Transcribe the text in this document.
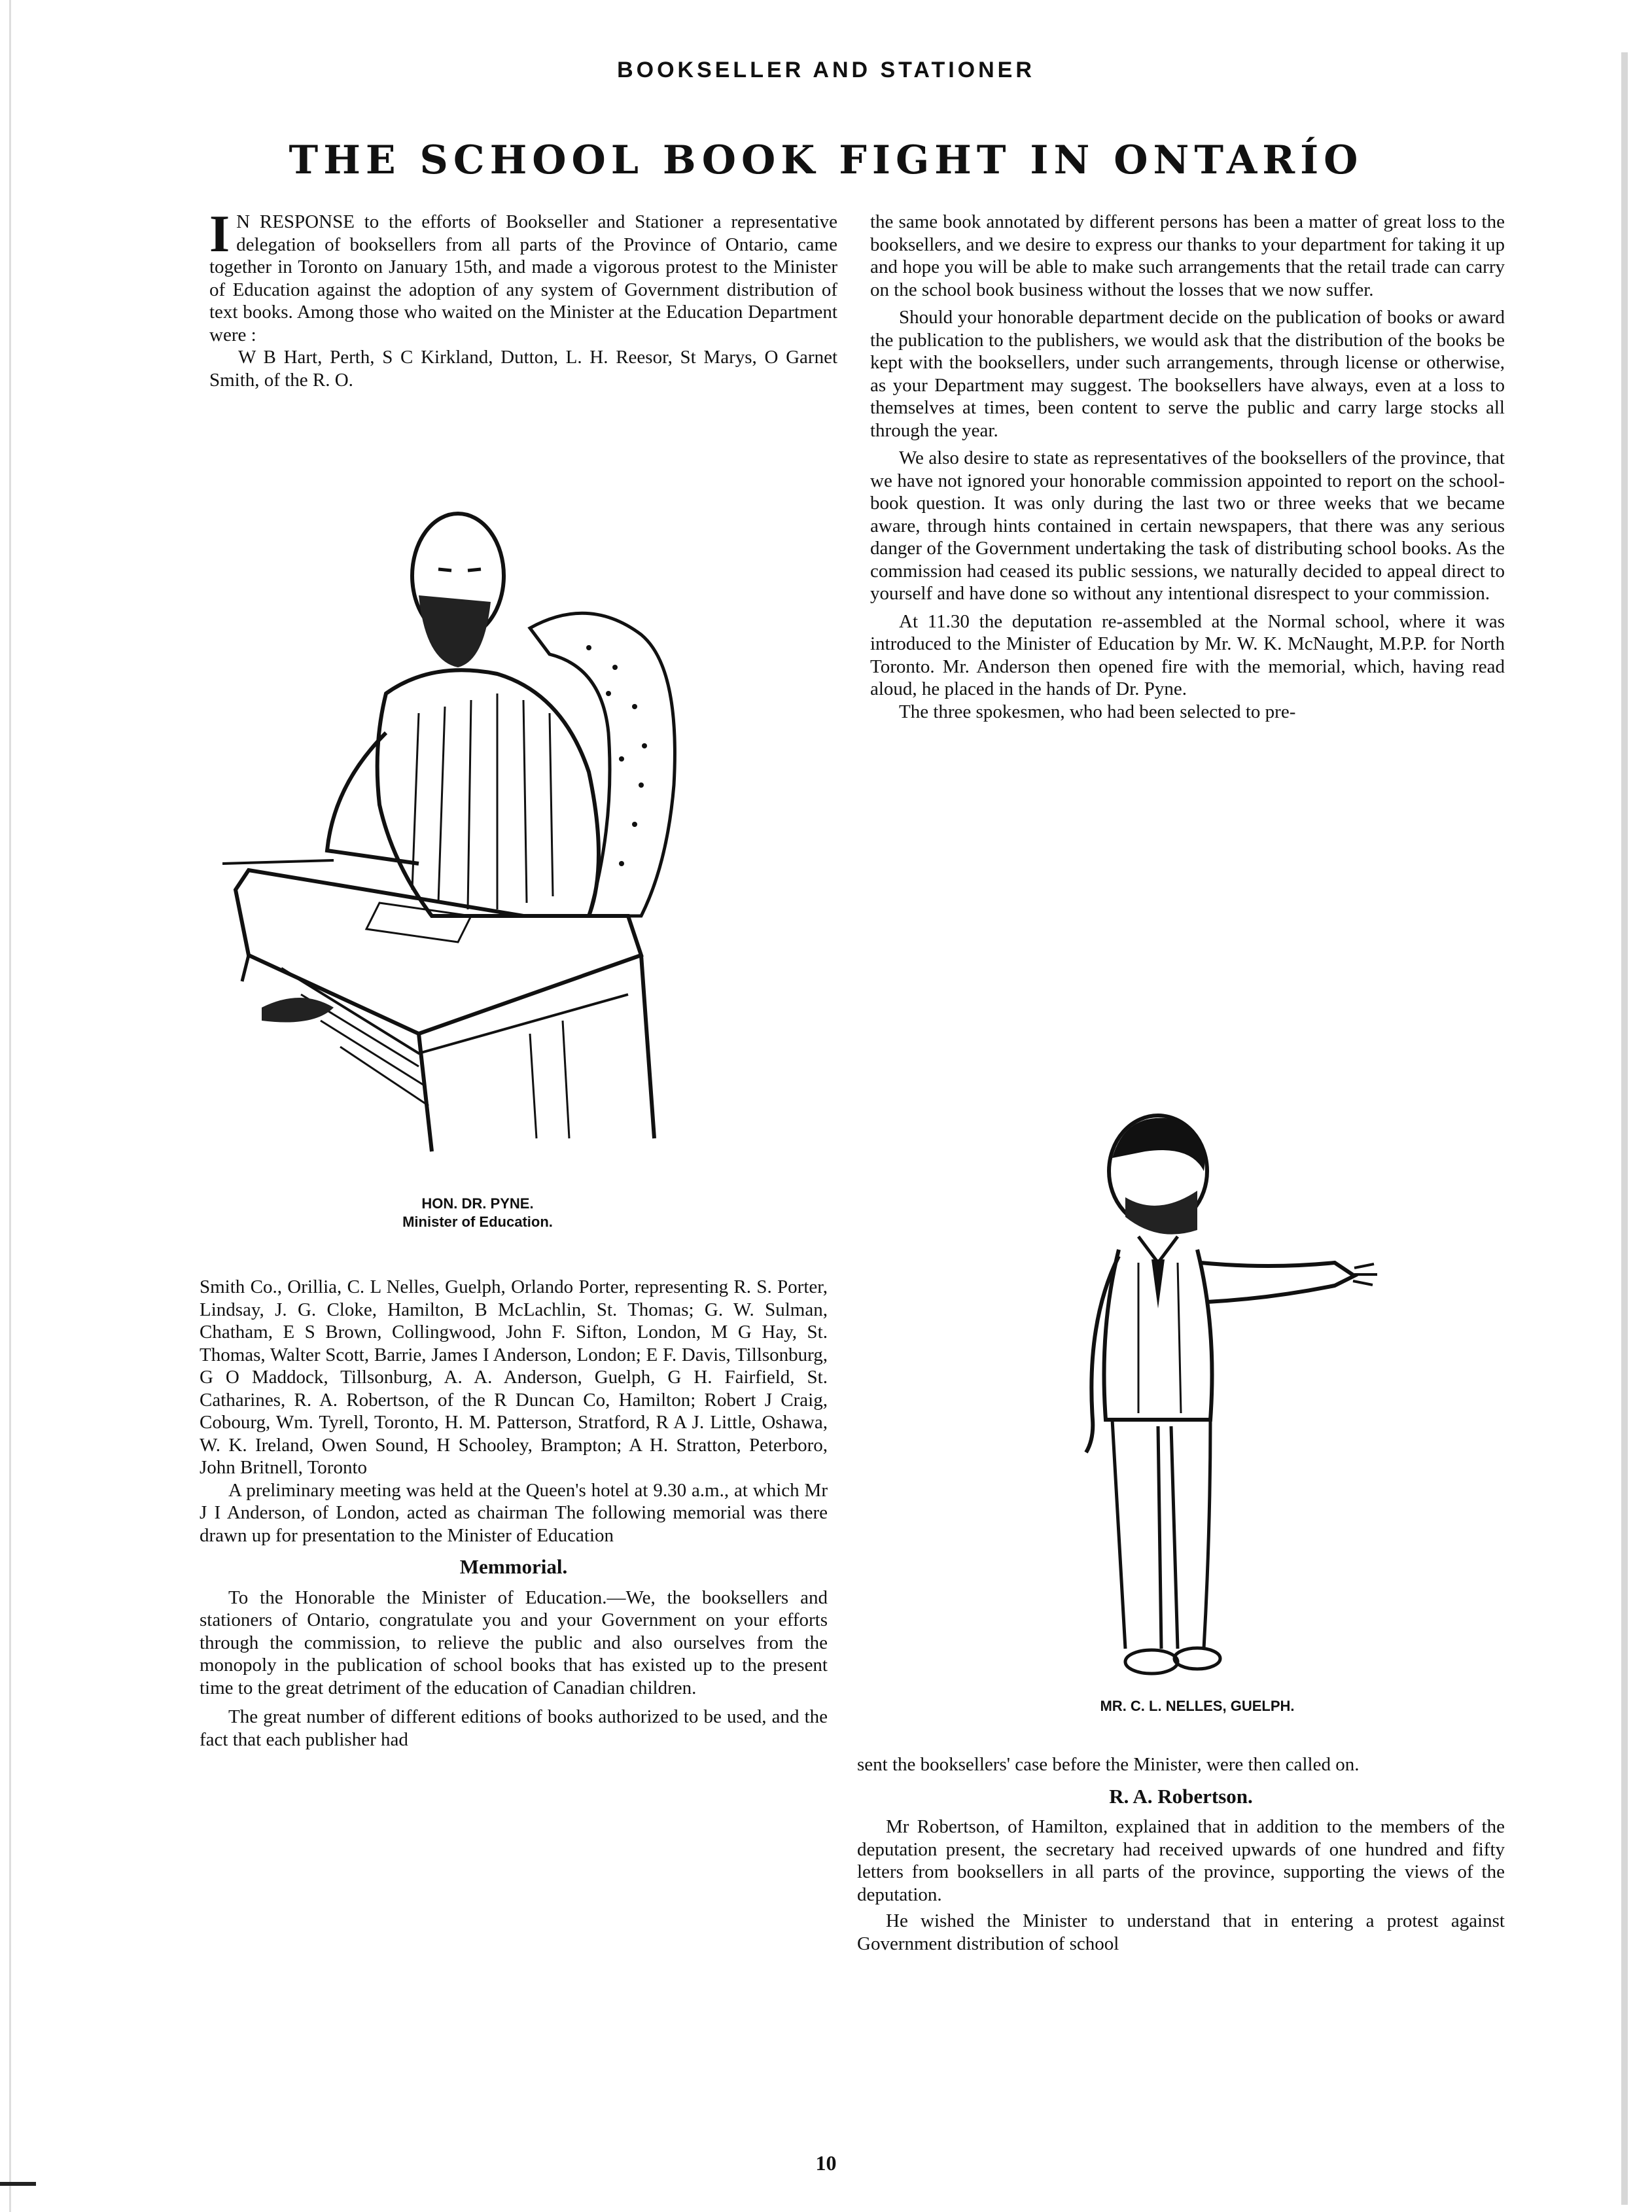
BOOKSELLER AND STATIONER
THE SCHOOL BOOK FIGHT IN ONTARÍO

I N RESPONSE to the efforts of Bookseller and Stationer a representative delegation of booksellers from all parts of the Province of Ontario, came together in Toronto on January 15th, and made a vigorous protest to the Minister of Education against the adoption of any system of Government distribution of text books. Among those who waited on the Minister at the Education Department were :

W B Hart, Perth, S C Kirkland, Dutton, L. H. Reesor, St Marys, O Garnet Smith, of the R. O.

HON. DR. PYNE.
Minister of Education.

Smith Co., Orillia, C. L Nelles, Guelph, Orlando Porter, representing R. S. Porter, Lindsay, J. G. Cloke, Hamilton, B McLachlin, St. Thomas; G. W. Sulman, Chatham, E S Brown, Collingwood, John F. Sifton, London, M G Hay, St. Thomas, Walter Scott, Barrie, James I Anderson, London; E F. Davis, Tillsonburg, G O Maddock, Tillsonburg, A. A. Anderson, Guelph, G H. Fairfield, St. Catharines, R. A. Robertson, of the R Duncan Co, Hamilton; Robert J Craig, Cobourg, Wm. Tyrell, Toronto, H. M. Patterson, Stratford, R A J. Little, Oshawa, W. K. Ireland, Owen Sound, H Schooley, Brampton; A H. Stratton, Peterboro, John Britnell, Toronto

A preliminary meeting was held at the Queen's hotel at 9.30 a.m., at which Mr J I Anderson, of London, acted as chairman The following memorial was there drawn up for presentation to the Minister of Education

Memmorial.

To the Honorable the Minister of Education.—We, the booksellers and stationers of Ontario, congratulate you and your Government on your efforts through the commission, to relieve the public and also ourselves from the monopoly in the publication of school books that has existed up to the present time to the great detriment of the education of Canadian children.

The great number of different editions of books authorized to be used, and the fact that each publisher had

the same book annotated by different persons has been a matter of great loss to the booksellers, and we desire to express our thanks to your department for taking it up and hope you will be able to make such arrangements that the retail trade can carry on the school book business without the losses that we now suffer.

Should your honorable department decide on the publication of books or award the publication to the publishers, we would ask that the distribution of the books be kept with the booksellers, under such arrangements, through license or otherwise, as your Department may suggest. The booksellers have always, even at a loss to themselves at times, been content to serve the public and carry large stocks all through the year.

We also desire to state as representatives of the booksellers of the province, that we have not ignored your honorable commission appointed to report on the school-book question. It was only during the last two or three weeks that we became aware, through hints contained in certain newspapers, that there was any serious danger of the Government undertaking the task of distributing school books. As the commission had ceased its public sessions, we naturally decided to appeal direct to yourself and have done so without any intentional disrespect to your commission.

At 11.30 the deputation re-assembled at the Normal school, where it was introduced to the Minister of Education by Mr. W. K. McNaught, M.P.P. for North Toronto. Mr. Anderson then opened fire with the memorial, which, having read aloud, he placed in the hands of Dr. Pyne.

The three spokesmen, who had been selected to pre-

MR. C. L. NELLES, GUELPH.

sent the booksellers' case before the Minister, were then called on.

R. A. Robertson.

Mr Robertson, of Hamilton, explained that in addition to the members of the deputation present, the secretary had received upwards of one hundred and fifty letters from booksellers in all parts of the province, supporting the views of the deputation.

He wished the Minister to understand that in entering a protest against Government distribution of school

10
